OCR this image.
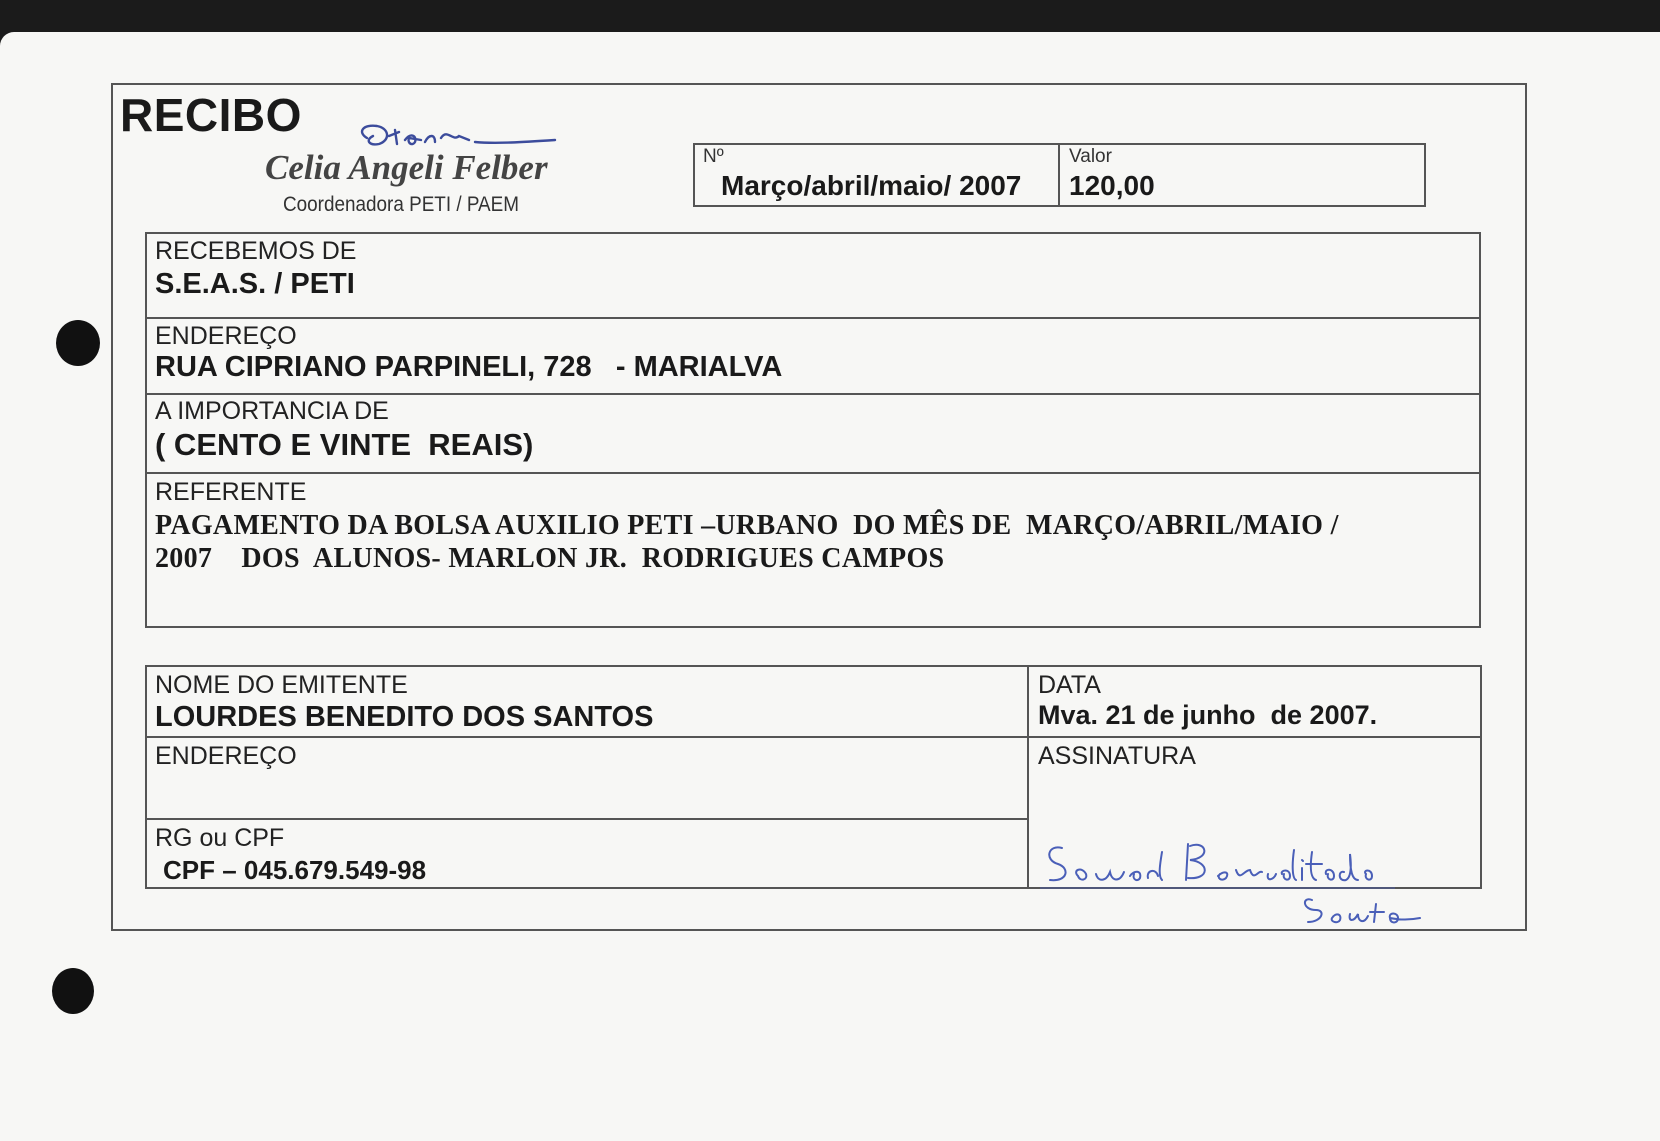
RECIBO
Celia Angeli Felber
Coordenadora PETI / PAEM
Nº
Março/abril/maio/ 2007
Valor
120,00
RECEBEMOS DE
S.E.A.S. / PETI
ENDEREÇO
RUA CIPRIANO PARPINELI, 728   - MARIALVA
A IMPORTANCIA DE
( CENTO E VINTE  REAIS)
REFERENTE
PAGAMENTO DA BOLSA AUXILIO PETI –URBANO  DO MÊS DE  MARÇO/ABRIL/MAIO /
2007    DOS  ALUNOS- MARLON JR.  RODRIGUES CAMPOS
NOME DO EMITENTE
LOURDES BENEDITO DOS SANTOS
DATA
Mva. 21 de junho  de 2007.
ENDEREÇO	ASSINATURA
RG ou CPF
CPF – 045.679.549-98
